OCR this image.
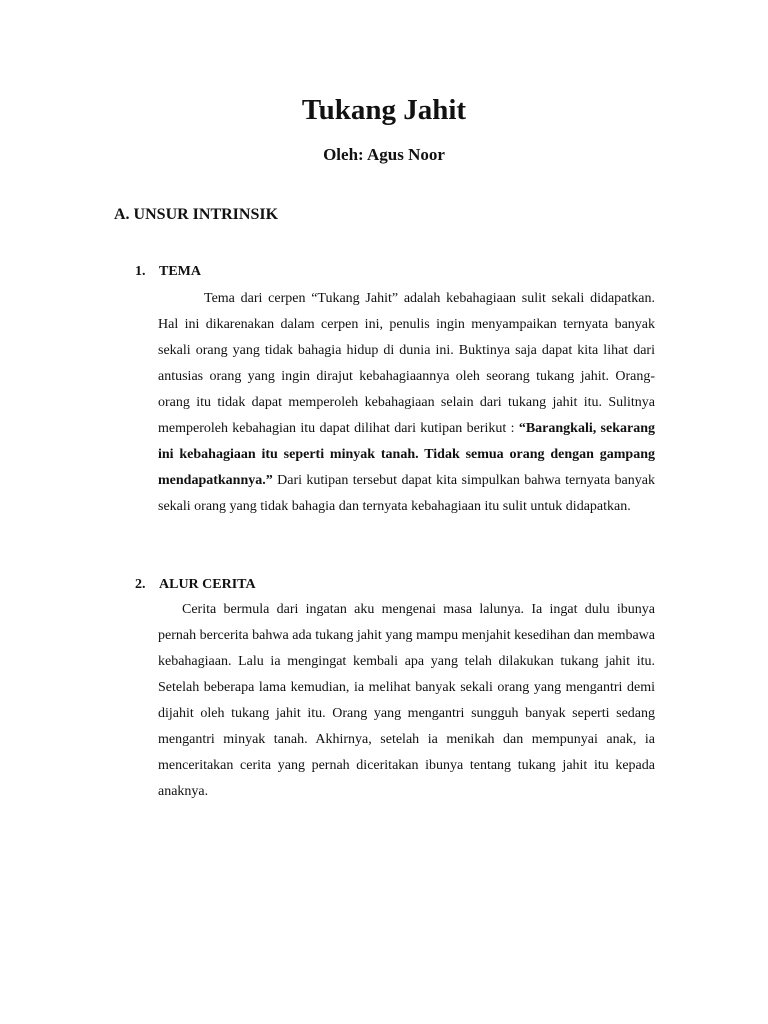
Tukang Jahit
Oleh: Agus Noor
A. UNSUR INTRINSIK
1. TEMA
Tema dari cerpen “Tukang Jahit” adalah kebahagiaan sulit sekali didapatkan. Hal ini dikarenakan dalam cerpen ini, penulis ingin menyampaikan ternyata banyak sekali orang yang tidak bahagia hidup di dunia ini. Buktinya saja dapat kita lihat dari antusias orang yang ingin dirajut kebahagiaannya oleh seorang tukang jahit. Orang-orang itu tidak dapat memperoleh kebahagiaan selain dari tukang jahit itu. Sulitnya memperoleh kebahagian itu dapat dilihat dari kutipan berikut : “Barangkali, sekarang ini kebahagiaan itu seperti minyak tanah. Tidak semua orang dengan gampang mendapatkannya.” Dari kutipan tersebut dapat kita simpulkan bahwa ternyata banyak sekali orang yang tidak bahagia dan ternyata kebahagiaan itu sulit untuk didapatkan.
2. ALUR CERITA
Cerita bermula dari ingatan aku mengenai masa lalunya. Ia ingat dulu ibunya pernah bercerita bahwa ada tukang jahit yang mampu menjahit kesedihan dan membawa kebahagiaan. Lalu ia mengingat kembali apa yang telah dilakukan tukang jahit itu. Setelah beberapa lama kemudian, ia melihat banyak sekali orang yang mengantri demi dijahit oleh tukang jahit itu. Orang yang mengantri sungguh banyak seperti sedang mengantri minyak tanah. Akhirnya, setelah ia menikah dan mempunyai anak, ia menceritakan cerita yang pernah diceritakan ibunya tentang tukang jahit itu kepada anaknya.
